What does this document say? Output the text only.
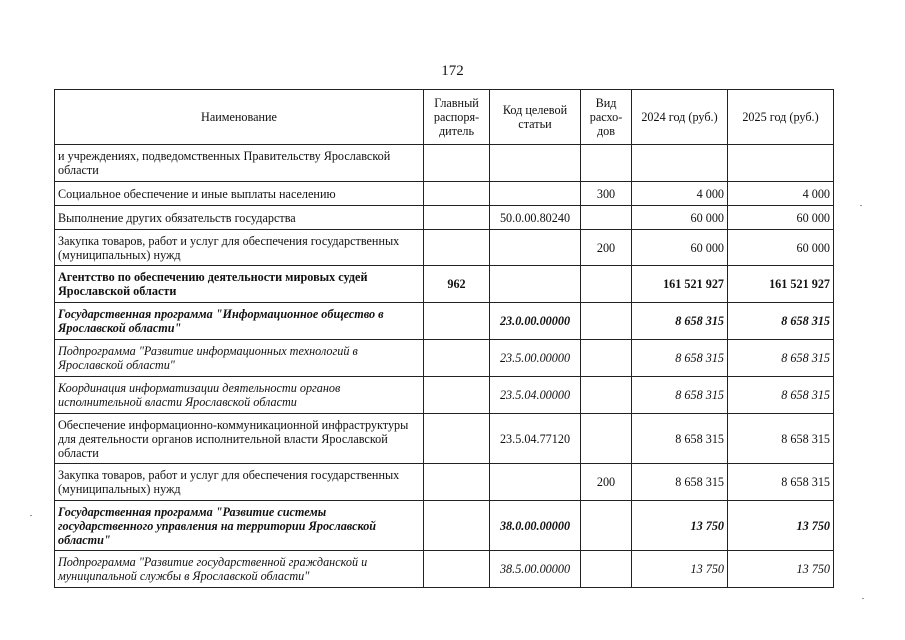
172
Наименование	Главный распоря-дитель	Код целевой статьи	Вид расхо-дов	2024 год (руб.)	2025 год (руб.)
и учреждениях, подведомственных Правительству Ярославской области					
Социальное обеспечение и иные выплаты населению			300	4 000	4 000
Выполнение других обязательств государства		50.0.00.80240		60 000	60 000
Закупка товаров, работ и услуг для обеспечения государственных (муниципальных) нужд			200	60 000	60 000
Агентство по обеспечению деятельности мировых судей Ярославской области	962			161 521 927	161 521 927
Государственная программа "Информационное общество в Ярославской области"		23.0.00.00000		8 658 315	8 658 315
Подпрограмма "Развитие информационных технологий в Ярославской области"		23.5.00.00000		8 658 315	8 658 315
Координация информатизации деятельности органов исполнительной власти Ярославской области		23.5.04.00000		8 658 315	8 658 315
Обеспечение информационно-коммуникационной инфраструктуры для деятельности органов исполнительной власти Ярославской области		23.5.04.77120		8 658 315	8 658 315
Закупка товаров, работ и услуг для обеспечения государственных (муниципальных) нужд			200	8 658 315	8 658 315
Государственная программа "Развитие системы государственного управления на территории Ярославской области"		38.0.00.00000		13 750	13 750
Подпрограмма "Развитие государственной гражданской и муниципальной службы в Ярославской области"		38.5.00.00000		13 750	13 750
